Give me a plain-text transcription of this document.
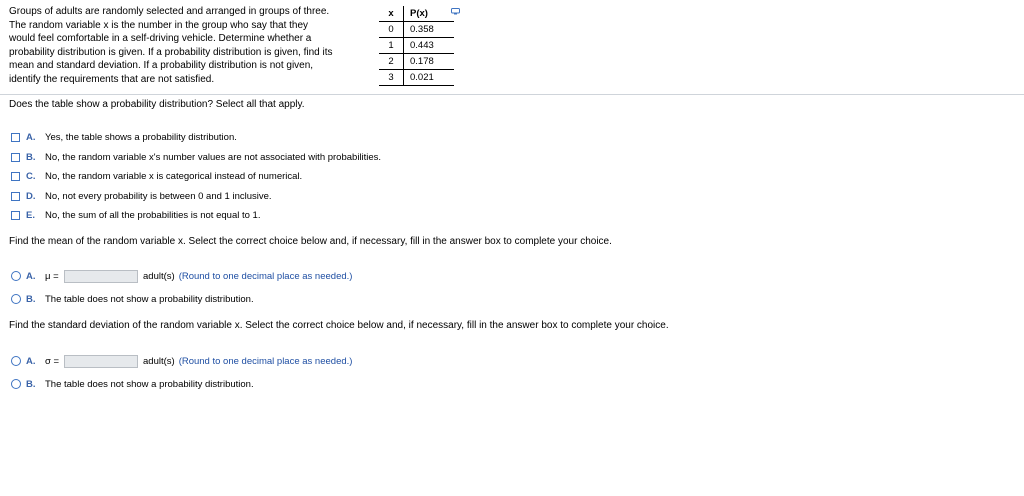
Groups of adults are randomly selected and arranged in groups of three.
The random variable x is the number in the group who say that they
would feel comfortable in a self-driving vehicle. Determine whether a
probability distribution is given. If a probability distribution is given, find its
mean and standard deviation. If a probability distribution is not given,
identify the requirements that are not satisfied.
x	P(x)
0	0.358
1	0.443
2	0.178
3	0.021
Does the table show a probability distribution? Select all that apply.
A.	Yes, the table shows a probability distribution.
B.	No, the random variable x's number values are not associated with probabilities.
C.	No, the random variable x is categorical instead of numerical.
D.	No, not every probability is between 0 and 1 inclusive.
E.	No, the sum of all the probabilities is not equal to 1.
Find the mean of the random variable x. Select the correct choice below and, if necessary, fill in the answer box to complete your choice.
A.	μ =	adult(s) (Round to one decimal place as needed.)
B.	The table does not show a probability distribution.
Find the standard deviation of the random variable x. Select the correct choice below and, if necessary, fill in the answer box to complete your choice.
A.	σ =	adult(s) (Round to one decimal place as needed.)
B.	The table does not show a probability distribution.
